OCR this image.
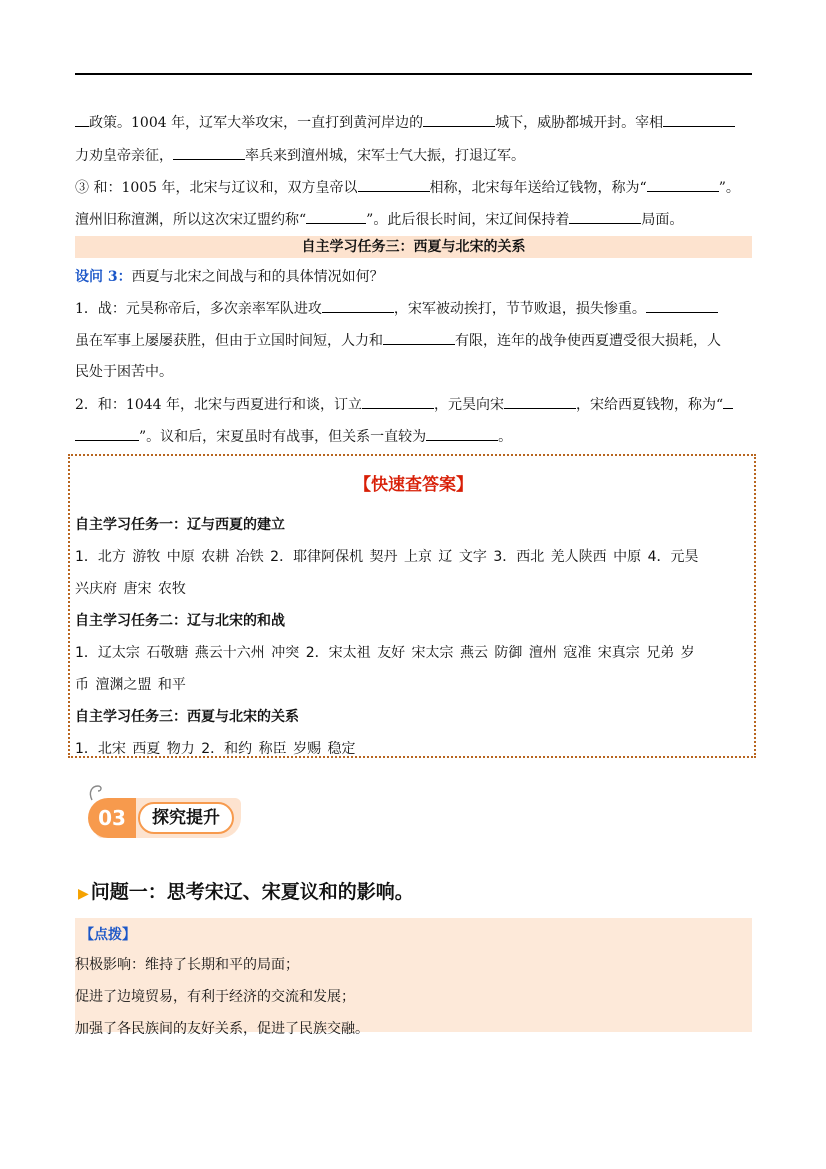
政策。1004 年，辽军大举攻宋，一直打到黄河岸边的	城下，威胁都城开封。宰相
力劝皇帝亲征，	率兵来到澶州城，宋军士气大振，打退辽军。
③ 和：1005 年，北宋与辽议和，双方皇帝以	相称，北宋每年送给辽钱物，称为“	”。
澶州旧称澶渊，所以这次宋辽盟约称“	”。此后很长时间，宋辽间保持着	局面。
自主学习任务三：西夏与北宋的关系
设问 3：西夏与北宋之间战与和的具体情况如何？
1．战：元昊称帝后，多次亲率军队进攻	，宋军被动挨打，节节败退，损失惨重。
虽在军事上屡屡获胜，但由于立国时间短，人力和	有限，连年的战争使西夏遭受很大损耗，人
民处于困苦中。
2．和：1044 年，北宋与西夏进行和谈，订立	，元昊向宋	，宋给西夏钱物，称为“
”。议和后，宋夏虽时有战事，但关系一直较为	。
【快速查答案】
自主学习任务一：辽与西夏的建立
1．北方 游牧 中原 农耕 冶铁 2．耶律阿保机 契丹 上京 辽 文字 3．西北 羌人陕西 中原 4．元昊
兴庆府 唐宋 农牧
自主学习任务二：辽与北宋的和战
1．辽太宗 石敬瑭 燕云十六州 冲突 2．宋太祖 友好 宋太宗 燕云 防御 澶州 寇准 宋真宗 兄弟 岁
币 澶渊之盟 和平
自主学习任务三：西夏与北宋的关系
1．北宋 西夏 物力 2．和约 称臣 岁赐 稳定
03	探究提升
▶ 问题一：思考宋辽、宋夏议和的影响。
【点拨】
积极影响：维持了长期和平的局面；
促进了边境贸易，有利于经济的交流和发展；
加强了各民族间的友好关系，促进了民族交融。
